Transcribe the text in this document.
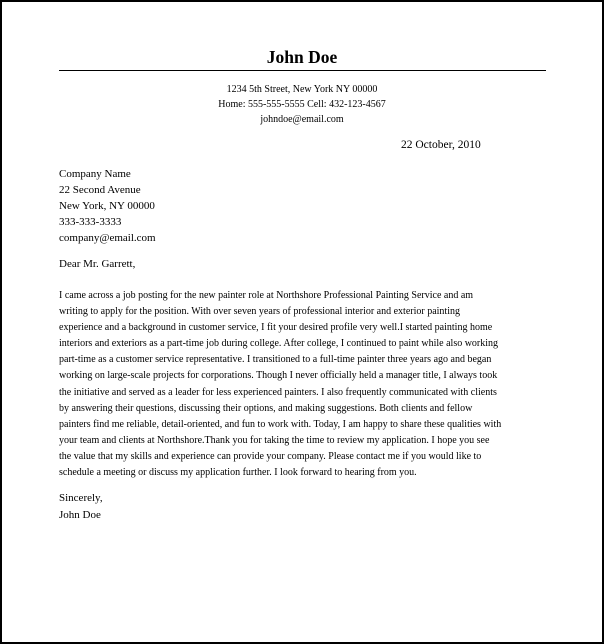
John Doe
1234 5th Street, New York NY 00000
Home: 555-555-5555 Cell: 432-123-4567
johndoe@email.com
22 October, 2010
Company Name
22 Second Avenue
New York, NY 00000
333-333-3333
company@email.com
Dear Mr. Garrett,
I came across a job posting for the new painter role at Northshore Professional Painting Service and am
writing to apply for the position. With over seven years of professional interior and exterior painting
experience and a background in customer service, I fit your desired profile very well.I started painting home
interiors and exteriors as a part-time job during college. After college, I continued to paint while also working
part-time as a customer service representative. I transitioned to a full-time painter three years ago and began
working on large-scale projects for corporations. Though I never officially held a manager title, I always took
the initiative and served as a leader for less experienced painters. I also frequently communicated with clients
by answering their questions, discussing their options, and making suggestions. Both clients and fellow
painters find me reliable, detail-oriented, and fun to work with. Today, I am happy to share these qualities with
your team and clients at Northshore.Thank you for taking the time to review my application. I hope you see
the value that my skills and experience can provide your company. Please contact me if you would like to
schedule a meeting or discuss my application further. I look forward to hearing from you.
Sincerely,
John Doe
